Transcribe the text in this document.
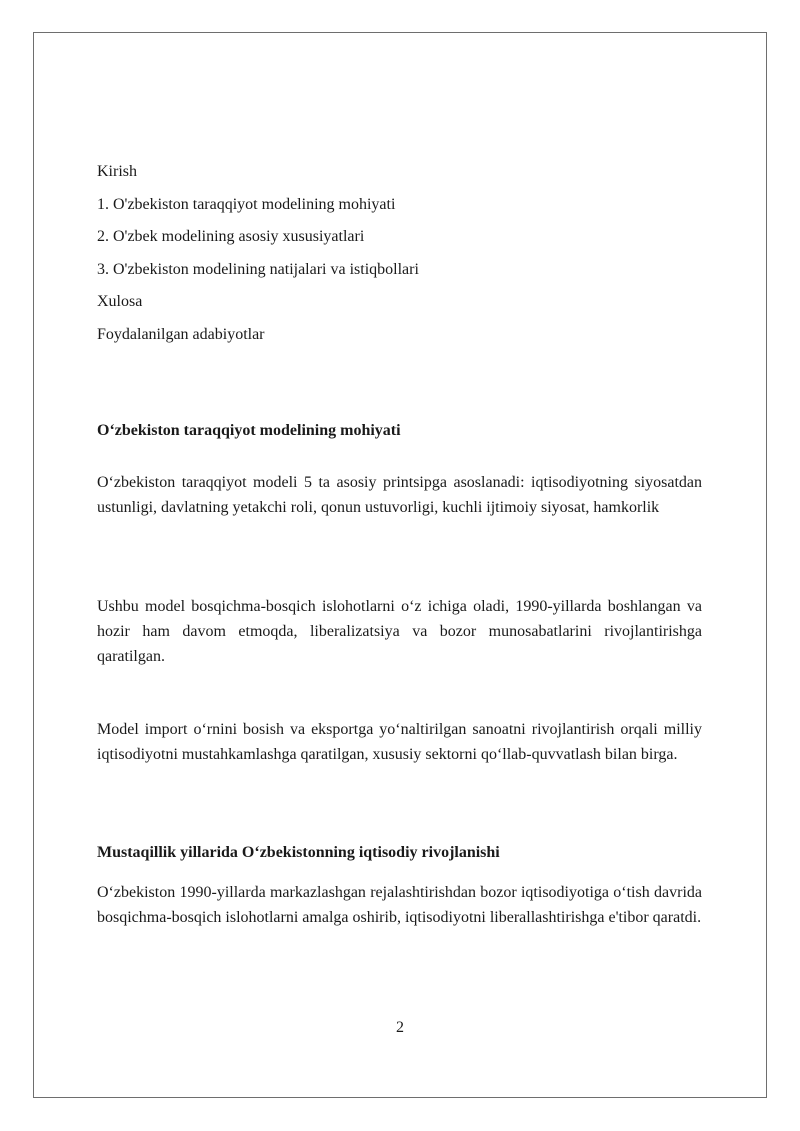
Kirish
1. O'zbekiston taraqqiyot modelining mohiyati
2. O'zbek modelining asosiy xususiyatlari
3. O'zbekiston modelining natijalari va istiqbollari
Xulosa
Foydalanilgan adabiyotlar
O‘zbekiston taraqqiyot modelining mohiyati
O‘zbekiston taraqqiyot modeli 5 ta asosiy printsipga asoslanadi: iqtisodiyotning siyosatdan ustunligi, davlatning yetakchi roli, qonun ustuvorligi, kuchli ijtimoiy siyosat, hamkorlik
Ushbu model bosqichma-bosqich islohotlarni o‘z ichiga oladi, 1990-yillarda boshlangan va hozir ham davom etmoqda, liberalizatsiya va bozor munosabatlarini rivojlantirishga qaratilgan.
Model import o‘rnini bosish va eksportga yo‘naltirilgan sanoatni rivojlantirish orqali milliy iqtisodiyotni mustahkamlashga qaratilgan, xususiy sektorni qo‘llab-quvvatlash bilan birga.
Mustaqillik yillarida O‘zbekistonning iqtisodiy rivojlanishi
O‘zbekiston 1990-yillarda markazlashgan rejalashtirishdan bozor iqtisodiyotiga o‘tish davrida bosqichma-bosqich islohotlarni amalga oshirib, iqtisodiyotni liberallashtirishga e'tibor qaratdi.
2
